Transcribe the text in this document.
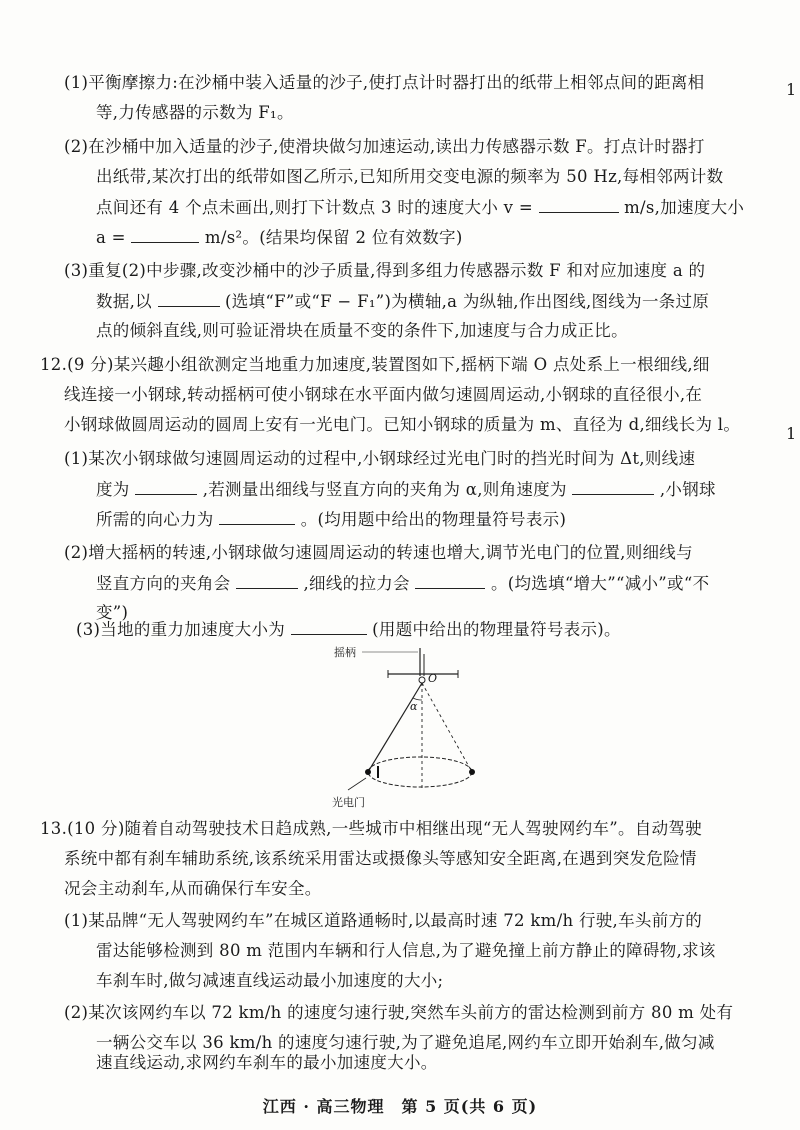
(1)平衡摩擦力:在沙桶中装入适量的沙子,使打点计时器打出的纸带上相邻点间的距离相
等,力传感器的示数为 F₁。
(2)在沙桶中加入适量的沙子,使滑块做匀加速运动,读出力传感器示数 F。打点计时器打
出纸带,某次打出的纸带如图乙所示,已知所用交变电源的频率为 50 Hz,每相邻两计数
点间还有 4 个点未画出,则打下计数点 3 时的速度大小 v =	m/s,加速度大小
a =	m/s²。(结果均保留 2 位有效数字)
(3)重复(2)中步骤,改变沙桶中的沙子质量,得到多组力传感器示数 F 和对应加速度 a 的
数据,以	(选填“F”或“F − F₁”)为横轴,a 为纵轴,作出图线,图线为一条过原
点的倾斜直线,则可验证滑块在质量不变的条件下,加速度与合力成正比。
12.(9 分)某兴趣小组欲测定当地重力加速度,装置图如下,摇柄下端 O 点处系上一根细线,细
线连接一小钢球,转动摇柄可使小钢球在水平面内做匀速圆周运动,小钢球的直径很小,在
小钢球做圆周运动的圆周上安有一光电门。已知小钢球的质量为 m、直径为 d,细线长为 l。
(1)某次小钢球做匀速圆周运动的过程中,小钢球经过光电门时的挡光时间为 Δt,则线速
度为	,若测量出细线与竖直方向的夹角为 α,则角速度为	,小钢球
所需的向心力为	。(均用题中给出的物理量符号表示)
(2)增大摇柄的转速,小钢球做匀速圆周运动的转速也增大,调节光电门的位置,则细线与
竖直方向的夹角会	,细线的拉力会	。(均选填“增大”“减小”或“不
变”)
(3)当地的重力加速度大小为	(用题中给出的物理量符号表示)。
摇柄
O
α
光电门
13.(10 分)随着自动驾驶技术日趋成熟,一些城市中相继出现“无人驾驶网约车”。自动驾驶
系统中都有刹车辅助系统,该系统采用雷达或摄像头等感知安全距离,在遇到突发危险情
况会主动刹车,从而确保行车安全。
(1)某品牌“无人驾驶网约车”在城区道路通畅时,以最高时速 72 km/h 行驶,车头前方的
雷达能够检测到 80 m 范围内车辆和行人信息,为了避免撞上前方静止的障碍物,求该
车刹车时,做匀减速直线运动最小加速度的大小;
(2)某次该网约车以 72 km/h 的速度匀速行驶,突然车头前方的雷达检测到前方 80 m 处有
一辆公交车以 36 km/h 的速度匀速行驶,为了避免追尾,网约车立即开始刹车,做匀减
速直线运动,求网约车刹车的最小加速度大小。
江西 · 高三物理　第 5 页(共 6 页)
1
1
